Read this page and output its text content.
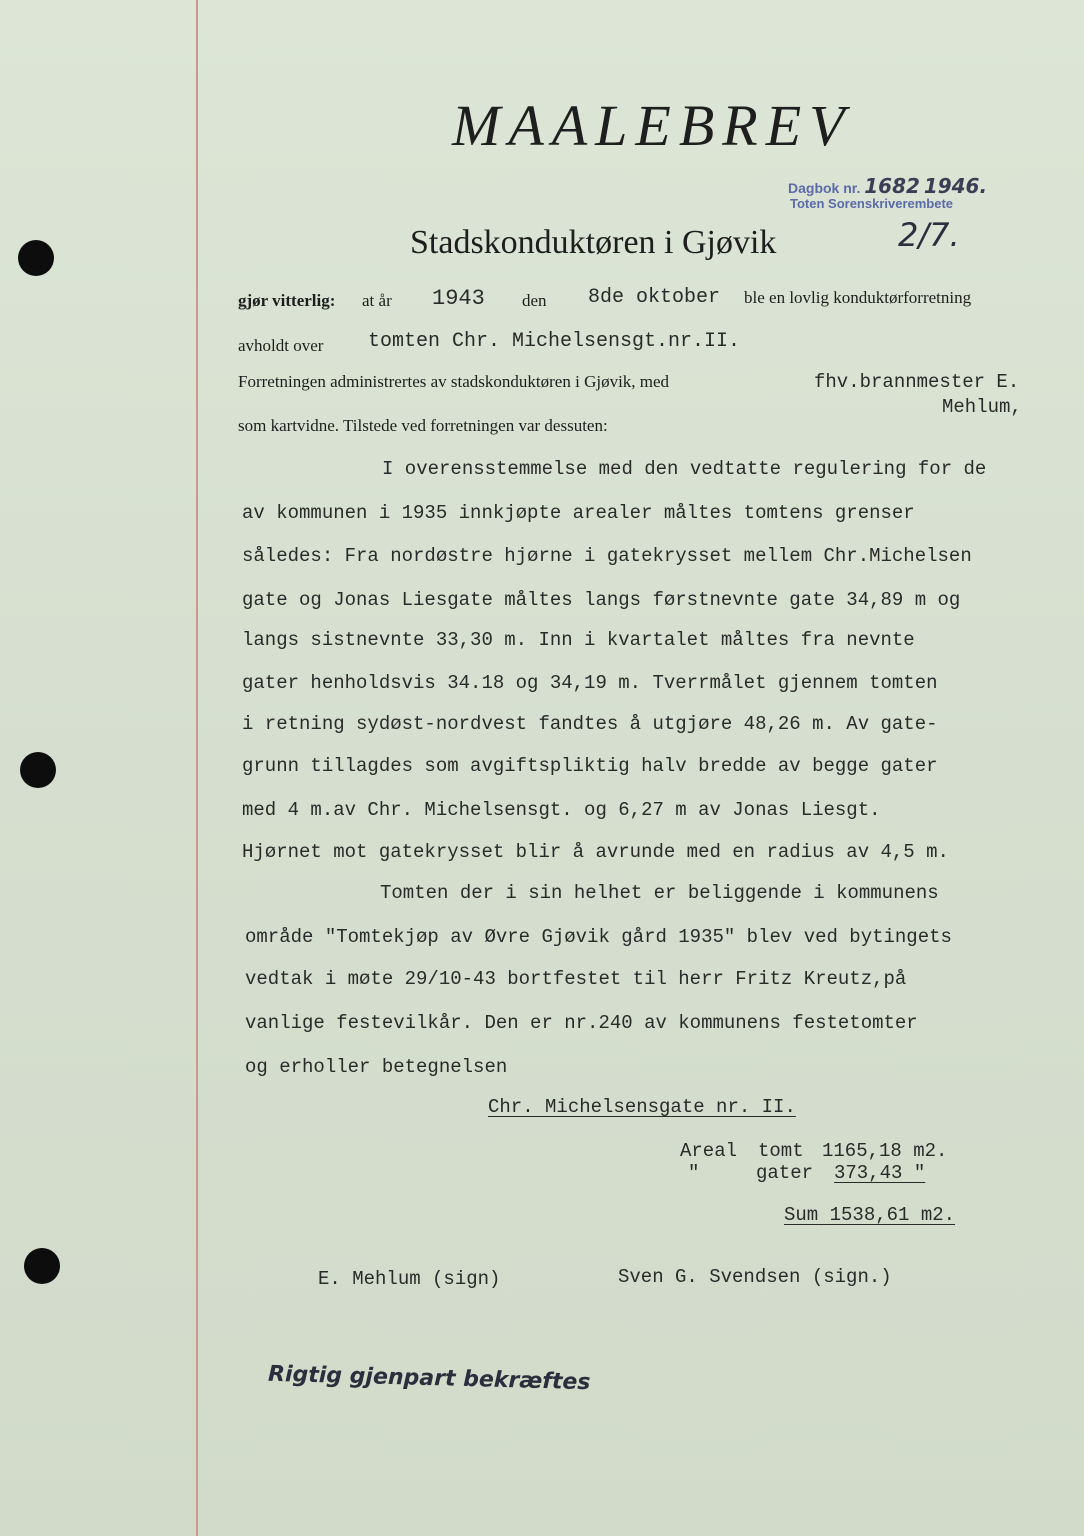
MAALEBREV
Dagbok nr. 1682 1946.
Toten Sorenskriverembete
Stadskonduktøren i Gjøvik	2/7.
gjør vitterlig: at år 1943 den 8de oktober ble en lovlig konduktørforretning
avholdt over tomten Chr. Michelsensgt.nr.II.
Forretningen administrertes av stadskonduktøren i Gjøvik, med	fhv.brannmester E.
Mehlum,
som kartvidne. Tilstede ved forretningen var dessuten:
I overensstemmelse med den vedtatte regulering for de
av kommunen i 1935 innkjøpte arealer måltes tomtens grenser
således: Fra nordøstre hjørne i gatekrysset mellem Chr.Michelsen
gate og Jonas Liesgate måltes langs førstnevnte gate 34,89 m og
langs sistnevnte 33,30 m. Inn i kvartalet måltes fra nevnte
gater henholdsvis 34.18 og 34,19 m. Tverrmålet gjennem tomten
i retning sydøst-nordvest fandtes å utgjøre 48,26 m. Av gate-
grunn tillagdes som avgiftspliktig halv bredde av begge gater
med 4 m.av Chr. Michelsensgt. og 6,27 m av Jonas Liesgt.
Hjørnet mot gatekrysset blir å avrunde med en radius av 4,5 m.
Tomten der i sin helhet er beliggende i kommunens
område "Tomtekjøp av Øvre Gjøvik gård 1935" blev ved bytingets
vedtak i møte 29/10-43 bortfestet til herr Fritz Kreutz,på
vanlige festevilkår. Den er nr.240 av kommunens festetomter
og erholler betegnelsen
Chr. Michelsensgate nr. II.
Areal tomt 1165,18 m2.
"	gater 373,43 "
Sum 1538,61 m2.
E. Mehlum (sign)	Sven G. Svendsen (sign.)
Rigtig gjenpart bekræftes
